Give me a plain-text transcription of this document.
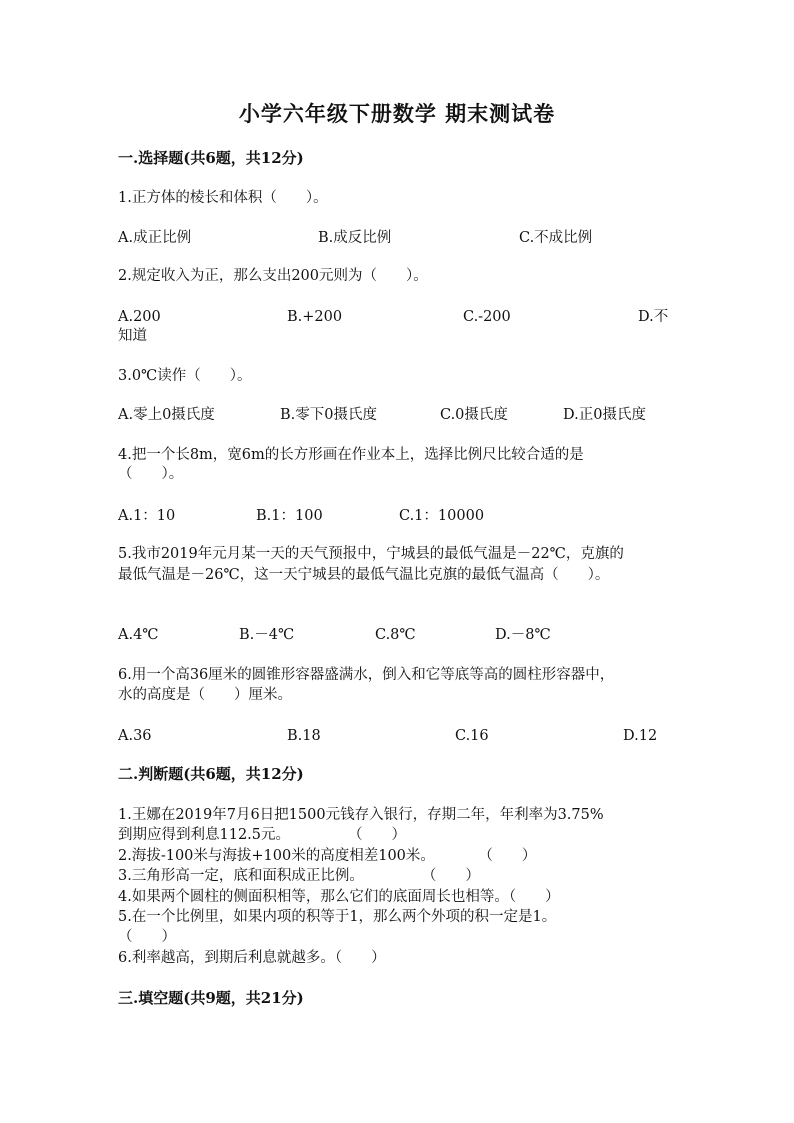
小学六年级下册数学 期末测试卷
一.选择题(共6题，共12分)
1.正方体的棱长和体积（　　）。
A.成正比例	B.成反比例	C.不成比例
2.规定收入为正，那么支出200元则为（　　）。
A.200	B.+200	C.-200	D.不
知道
3.0℃读作（　　）。
A.零上0摄氏度	B.零下0摄氏度	C.0摄氏度	D.正0摄氏度
4.把一个长8m，宽6m的长方形画在作业本上，选择比例尺比较合适的是
（　　）。
A.1：10	B.1：100	C.1：10000
5.我市2019年元月某一天的天气预报中，宁城县的最低气温是－22℃，克旗的
最低气温是－26℃，这一天宁城县的最低气温比克旗的最低气温高（　　）。
A.4℃	B.－4℃	C.8℃	D.－8℃
6.用一个高36厘米的圆锥形容器盛满水，倒入和它等底等高的圆柱形容器中，
水的高度是（　　）厘米。
A.36	B.18	C.16	D.12
二.判断题(共6题，共12分)
1.王娜在2019年7月6日把1500元钱存入银行，存期二年，年利率为3.75%
到期应得到利息112.5元。　　　　　（　　）
2.海拔-100米与海拔+100米的高度相差100米。　　　　（　　）
3.三角形高一定，底和面积成正比例。　　　　　（　　）
4.如果两个圆柱的侧面积相等，那么它们的底面周长也相等。（　　）
5.在一个比例里，如果内项的积等于1，那么两个外项的积一定是1。
（　　）
6.利率越高，到期后利息就越多。（　　）
三.填空题(共9题，共21分)
